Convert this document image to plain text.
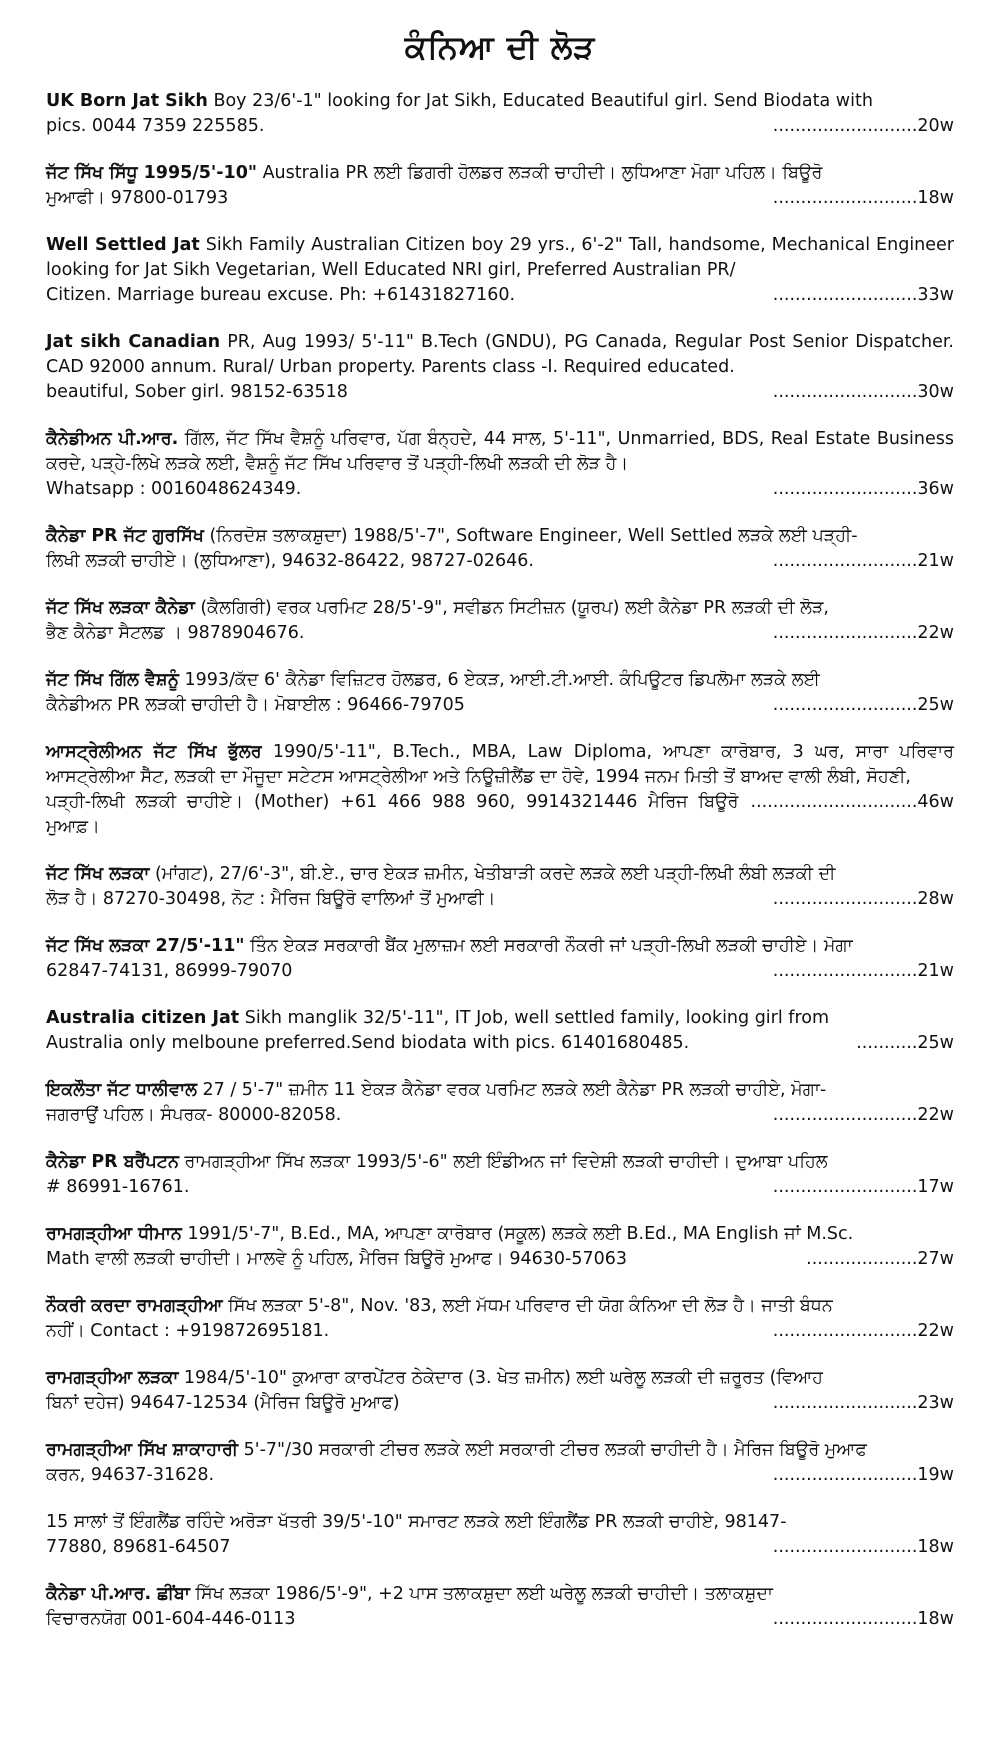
ਕੰਨਿਆ ਦੀ ਲੋੜ
UK Born Jat Sikh Boy 23/6'-1" looking for Jat Sikh, Educated Beautiful girl. Send Biodata with
pics. 0044 7359 225585.	..........................20w
ਜੱਟ ਸਿੱਖ ਸਿੱਧੂ 1995/5'-10" Australia PR ਲਈ ਡਿਗਰੀ ਹੋਲਡਰ ਲੜਕੀ ਚਾਹੀਦੀ। ਲੁਧਿਆਣਾ ਮੋਗਾ ਪਹਿਲ। ਬਿਊਰੋ
ਮੁਆਫੀ। 97800-01793	..........................18w
Well Settled Jat Sikh Family Australian Citizen boy 29 yrs., 6'-2" Tall, handsome, Mechanical Engineer looking for Jat Sikh Vegetarian, Well Educated NRI girl, Preferred Australian PR/
Citizen. Marriage bureau excuse. Ph: +61431827160.	..........................33w
Jat sikh Canadian PR, Aug 1993/ 5'-11" B.Tech (GNDU), PG Canada, Regular Post Senior Dispatcher. CAD 92000 annum. Rural/ Urban property. Parents class -I. Required educated.
beautiful, Sober girl. 98152-63518	..........................30w
ਕੈਨੇਡੀਅਨ ਪੀ.ਆਰ. ਗਿੱਲ, ਜੱਟ ਸਿੱਖ ਵੈਸ਼ਨੂੰ ਪਰਿਵਾਰ, ਪੱਗ ਬੰਨ੍ਹਦੇ, 44 ਸਾਲ, 5'-11", Unmarried, BDS, Real Estate Business ਕਰਦੇ, ਪੜ੍ਹੇ-ਲਿਖੇ ਲੜਕੇ ਲਈ, ਵੈਸ਼ਨੂੰ ਜੱਟ ਸਿੱਖ ਪਰਿਵਾਰ ਤੋਂ ਪੜ੍ਹੀ-ਲਿਖੀ ਲੜਕੀ ਦੀ ਲੋੜ ਹੈ।
Whatsapp : 0016048624349.	..........................36w
ਕੈਨੇਡਾ PR ਜੱਟ ਗੁਰਸਿੱਖ (ਨਿਰਦੋਸ਼ ਤਲਾਕਸ਼ੁਦਾ) 1988/5'-7", Software Engineer, Well Settled ਲੜਕੇ ਲਈ ਪੜ੍ਹੀ-
ਲਿਖੀ ਲੜਕੀ ਚਾਹੀਏ। (ਲੁਧਿਆਣਾ), 94632-86422, 98727-02646.	..........................21w
ਜੱਟ ਸਿੱਖ ਲੜਕਾ ਕੈਨੇਡਾ (ਕੈਲਗਿਰੀ) ਵਰਕ ਪਰਮਿਟ 28/5'-9", ਸਵੀਡਨ ਸਿਟੀਜ਼ਨ (ਯੂਰਪ) ਲਈ ਕੈਨੇਡਾ PR ਲੜਕੀ ਦੀ ਲੋੜ,
ਭੈਣ ਕੈਨੇਡਾ ਸੈਟਲਡ । 9878904676.	..........................22w
ਜੱਟ ਸਿੱਖ ਗਿੱਲ ਵੈਸ਼ਨੂੰ 1993/ਕੱਦ 6' ਕੈਨੇਡਾ ਵਿਜ਼ਿਟਰ ਹੋਲਡਰ, 6 ਏਕੜ, ਆਈ.ਟੀ.ਆਈ. ਕੰਪਿਊਟਰ ਡਿਪਲੋਮਾ ਲੜਕੇ ਲਈ
ਕੈਨੇਡੀਅਨ PR ਲੜਕੀ ਚਾਹੀਦੀ ਹੈ। ਮੋਬਾਈਲ : 96466-79705	..........................25w
ਆਸਟ੍ਰੇਲੀਅਨ ਜੱਟ ਸਿੱਖ ਭੁੱਲਰ 1990/5'-11", B.Tech., MBA, Law Diploma, ਆਪਣਾ ਕਾਰੋਬਾਰ, 3 ਘਰ, ਸਾਰਾ ਪਰਿਵਾਰ ਆਸਟ੍ਰੇਲੀਆ ਸੈੱਟ, ਲੜਕੀ ਦਾ ਮੌਜੂਦਾ ਸਟੇਟਸ ਆਸਟ੍ਰੇਲੀਆ ਅਤੇ ਨਿਊਜ਼ੀਲੈਂਡ ਦਾ ਹੋਵੇ, 1994 ਜਨਮ ਮਿਤੀ ਤੋਂ ਬਾਅਦ ਵਾਲੀ ਲੰਬੀ, ਸੋਹਣੀ,
ਪੜ੍ਹੀ-ਲਿਖੀ ਲੜਕੀ ਚਾਹੀਏ। (Mother) +61 466 988 960, 9914321446 ਮੈਰਿਜ ਬਿਊਰੋ ਮੁਆਫ਼।
..............................46w
ਜੱਟ ਸਿੱਖ ਲੜਕਾ (ਮਾਂਗਟ), 27/6'-3", ਬੀ.ਏ., ਚਾਰ ਏਕੜ ਜ਼ਮੀਨ, ਖੇਤੀਬਾੜੀ ਕਰਦੇ ਲੜਕੇ ਲਈ ਪੜ੍ਹੀ-ਲਿਖੀ ਲੰਬੀ ਲੜਕੀ ਦੀ
ਲੋੜ ਹੈ। 87270-30498, ਨੋਟ : ਮੈਰਿਜ ਬਿਊਰੋ ਵਾਲਿਆਂ ਤੋਂ ਮੁਆਫੀ।	..........................28w
ਜੱਟ ਸਿੱਖ ਲੜਕਾ 27/5'-11" ਤਿੰਨ ਏਕੜ ਸਰਕਾਰੀ ਬੈਂਕ ਮੁਲਾਜ਼ਮ ਲਈ ਸਰਕਾਰੀ ਨੌਕਰੀ ਜਾਂ ਪੜ੍ਹੀ-ਲਿਖੀ ਲੜਕੀ ਚਾਹੀਏ। ਮੋਗਾ
62847-74131, 86999-79070	..........................21w
Australia citizen Jat Sikh manglik 32/5'-11", IT Job, well settled family, looking girl from
Australia only melboune preferred.Send biodata with pics. 61401680485.	...........25w
ਇਕਲੌਤਾ ਜੱਟ ਧਾਲੀਵਾਲ 27 / 5'-7" ਜ਼ਮੀਨ 11 ਏਕੜ ਕੈਨੇਡਾ ਵਰਕ ਪਰਮਿਟ ਲੜਕੇ ਲਈ ਕੈਨੇਡਾ PR ਲੜਕੀ ਚਾਹੀਏ, ਮੋਗਾ-
ਜਗਰਾਉਂ ਪਹਿਲ। ਸੰਪਰਕ- 80000-82058.	..........................22w
ਕੈਨੇਡਾ PR ਬਰੈਂਪਟਨ ਰਾਮਗੜ੍ਹੀਆ ਸਿੱਖ ਲੜਕਾ 1993/5'-6" ਲਈ ਇੰਡੀਅਨ ਜਾਂ ਵਿਦੇਸ਼ੀ ਲੜਕੀ ਚਾਹੀਦੀ। ਦੁਆਬਾ ਪਹਿਲ
# 86991-16761.	..........................17w
ਰਾਮਗੜ੍ਹੀਆ ਧੀਮਾਨ 1991/5'-7", B.Ed., MA, ਆਪਣਾ ਕਾਰੋਬਾਰ (ਸਕੂਲ) ਲੜਕੇ ਲਈ B.Ed., MA English ਜਾਂ M.Sc.
Math ਵਾਲੀ ਲੜਕੀ ਚਾਹੀਦੀ। ਮਾਲਵੇ ਨੂੰ ਪਹਿਲ, ਮੈਰਿਜ ਬਿਊਰੋ ਮੁਆਫ। 94630-57063	....................27w
ਨੌਕਰੀ ਕਰਦਾ ਰਾਮਗੜ੍ਹੀਆ ਸਿੱਖ ਲੜਕਾ 5'-8", Nov. '83, ਲਈ ਮੱਧਮ ਪਰਿਵਾਰ ਦੀ ਯੋਗ ਕੰਨਿਆ ਦੀ ਲੋੜ ਹੈ। ਜਾਤੀ ਬੰਧਨ
ਨਹੀਂ। Contact : +919872695181.	..........................22w
ਰਾਮਗੜ੍ਹੀਆ ਲੜਕਾ 1984/5'-10" ਕੁਆਰਾ ਕਾਰਪੇਂਟਰ ਠੇਕੇਦਾਰ (3. ਖੇਤ ਜ਼ਮੀਨ) ਲਈ ਘਰੇਲੂ ਲੜਕੀ ਦੀ ਜ਼ਰੂਰਤ (ਵਿਆਹ
ਬਿਨਾਂ ਦਹੇਜ) 94647-12534 (ਮੈਰਿਜ ਬਿਊਰੋ ਮੁਆਫ)	..........................23w
ਰਾਮਗੜ੍ਹੀਆ ਸਿੱਖ ਸ਼ਾਕਾਹਾਰੀ 5'-7"/30 ਸਰਕਾਰੀ ਟੀਚਰ ਲੜਕੇ ਲਈ ਸਰਕਾਰੀ ਟੀਚਰ ਲੜਕੀ ਚਾਹੀਦੀ ਹੈ। ਮੈਰਿਜ ਬਿਊਰੋ ਮੁਆਫ
ਕਰਨ, 94637-31628.	..........................19w
15 ਸਾਲਾਂ ਤੋਂ ਇੰਗਲੈਂਡ ਰਹਿੰਦੇ ਅਰੋੜਾ ਖੱਤਰੀ 39/5'-10" ਸਮਾਰਟ ਲੜਕੇ ਲਈ ਇੰਗਲੈਂਡ PR ਲੜਕੀ ਚਾਹੀਏ, 98147-
77880, 89681-64507	..........................18w
ਕੈਨੇਡਾ ਪੀ.ਆਰ. ਛੀਂਬਾ ਸਿੱਖ ਲੜਕਾ 1986/5'-9", +2 ਪਾਸ ਤਲਾਕਸ਼ੁਦਾ ਲਈ ਘਰੇਲੂ ਲੜਕੀ ਚਾਹੀਦੀ। ਤਲਾਕਸ਼ੁਦਾ
ਵਿਚਾਰਨਯੋਗ 001-604-446-0113	..........................18w
